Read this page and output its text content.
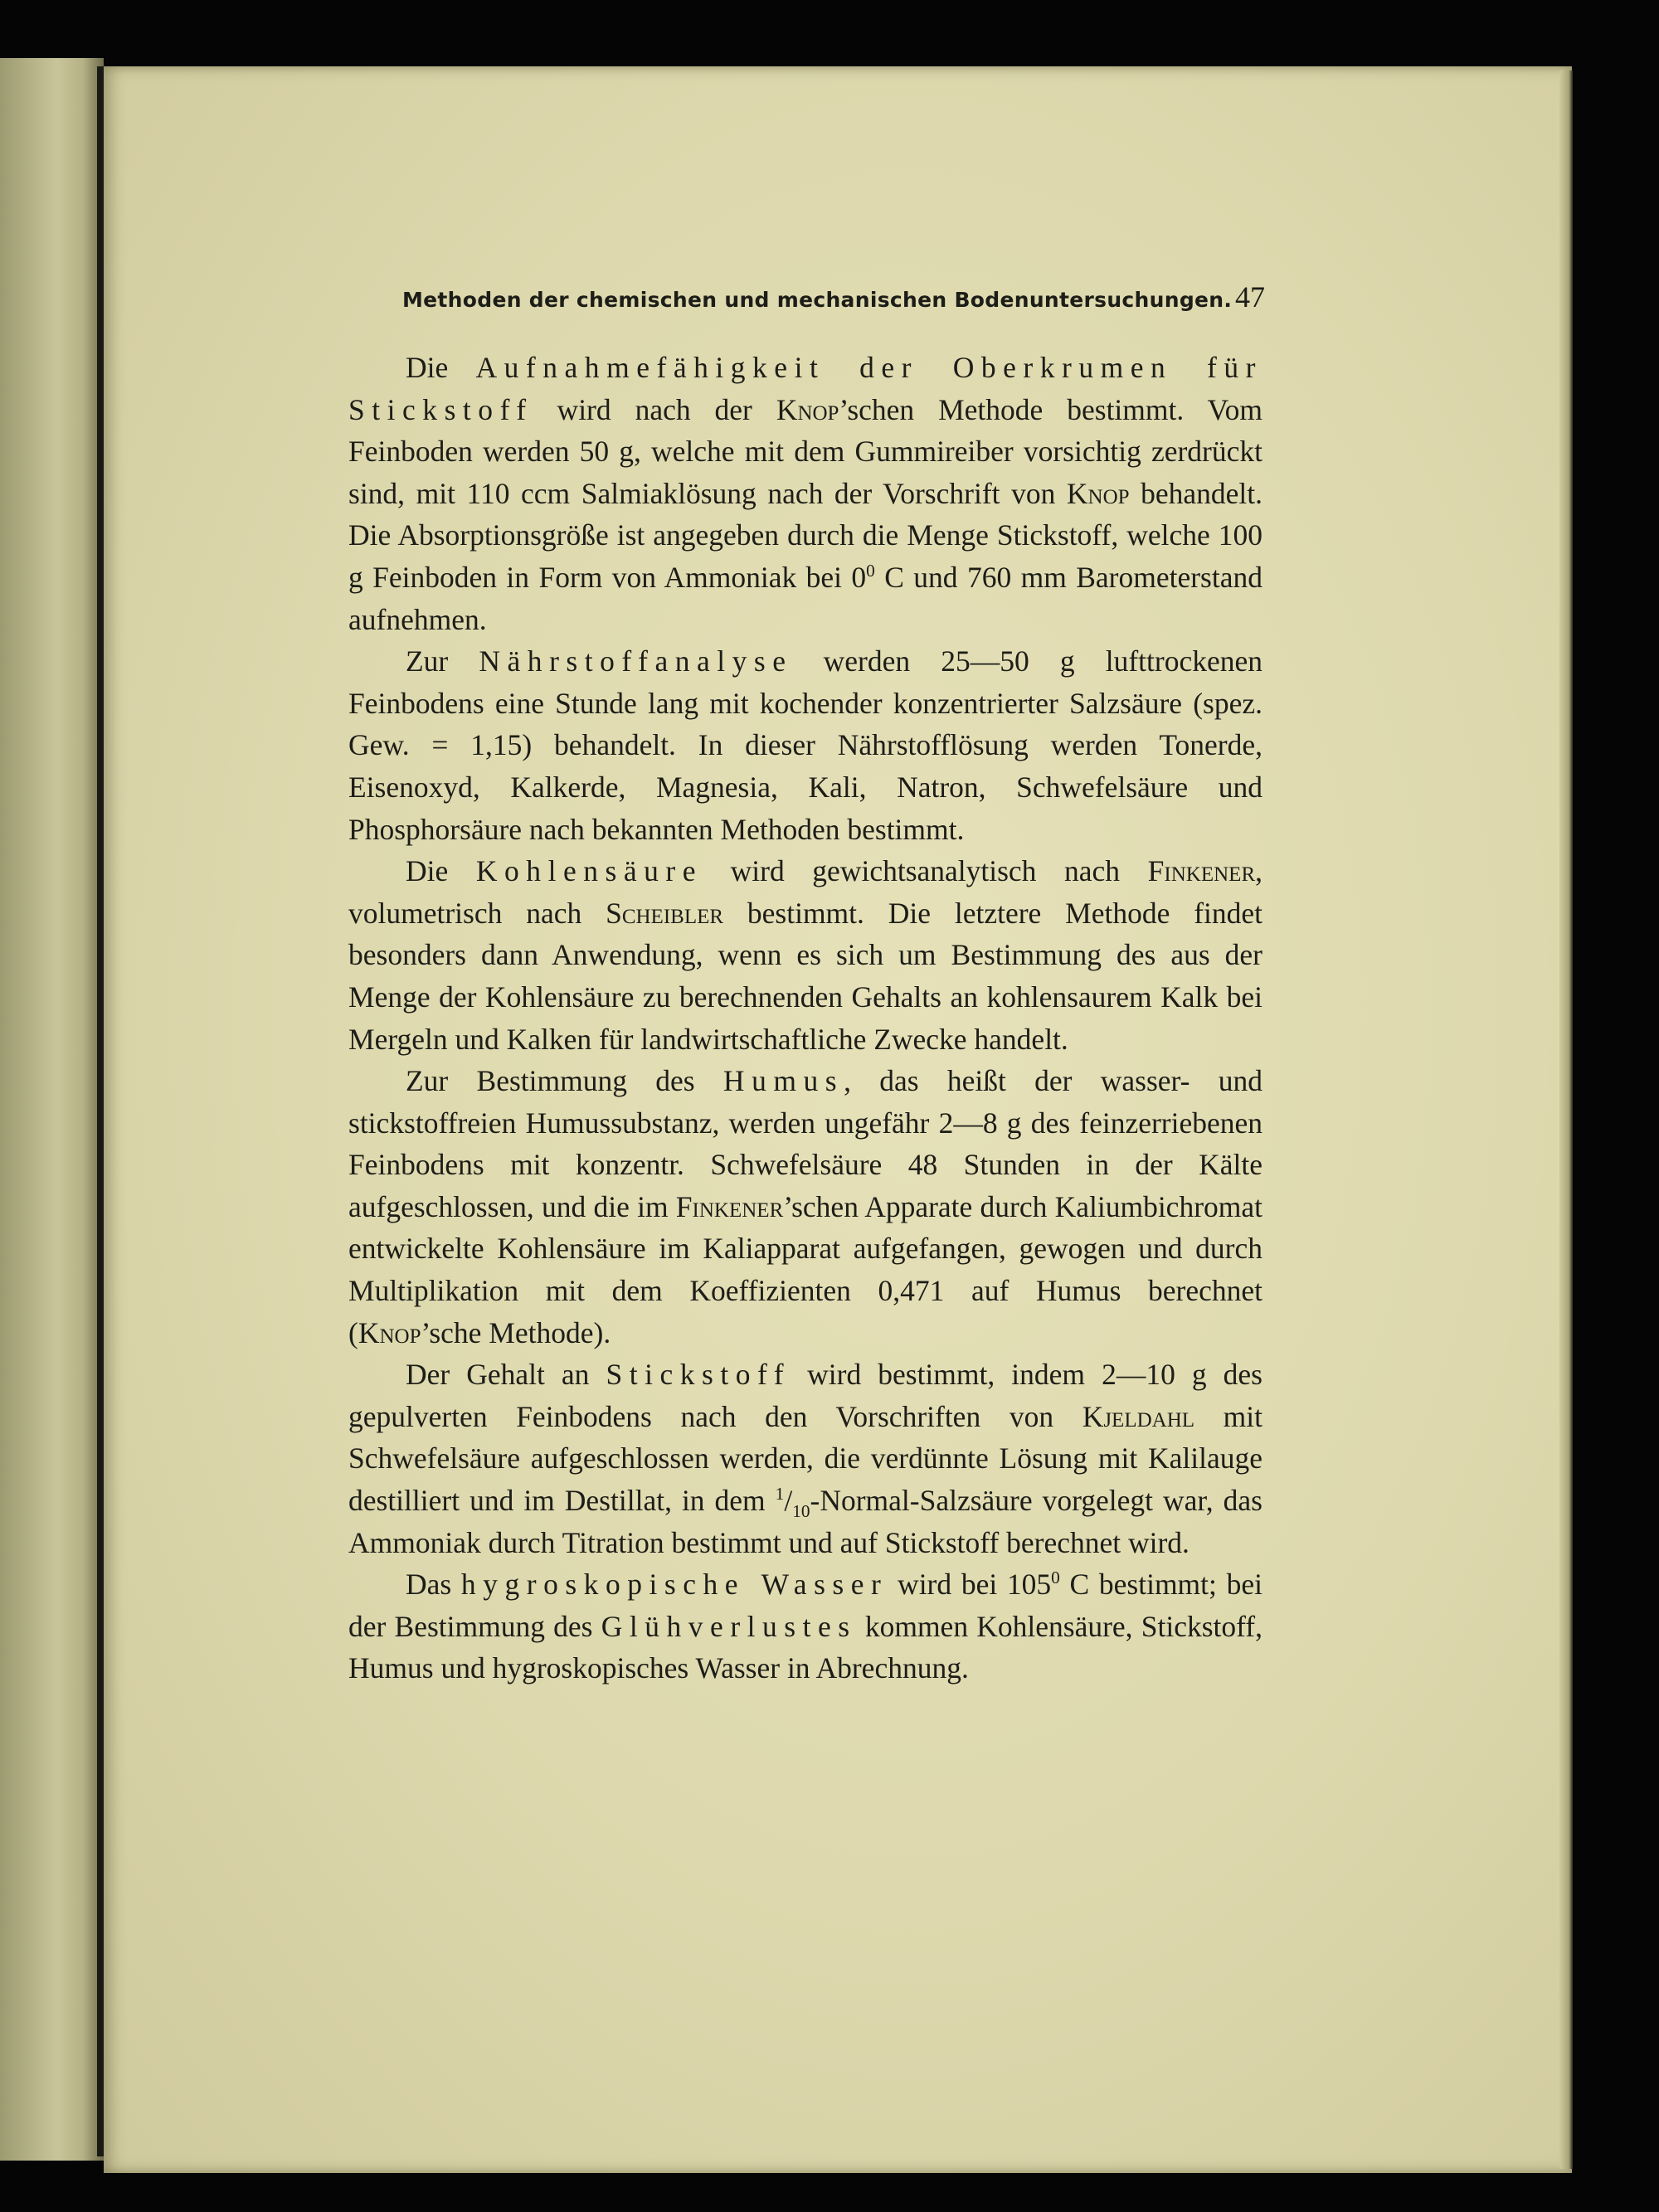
Methoden der chemischen und mechanischen Bodenuntersuchungen. 47

Die Aufnahmefähigkeit der Oberkrumen für Stickstoff wird nach der Knop’schen Methode bestimmt. Vom Feinboden werden 50 g, welche mit dem Gummireiber vorsichtig zerdrückt sind, mit 110 ccm Salmiaklösung nach der Vorschrift von Knop behandelt. Die Absorptionsgröße ist angegeben durch die Menge Stickstoff, welche 100 g Feinboden in Form von Ammoniak bei $0^0$ C und 760 mm Barometerstand aufnehmen.

Zur Nährstoffanalyse werden 25—50 g lufttrockenen Feinbodens eine Stunde lang mit kochender konzentrierter Salzsäure (spez. Gew. = 1,15) behandelt. In dieser Nährstofflösung werden Tonerde, Eisenoxyd, Kalkerde, Magnesia, Kali, Natron, Schwefelsäure und Phosphorsäure nach bekannten Methoden bestimmt.

Die Kohlensäure wird gewichtsanalytisch nach Finkener, volumetrisch nach Scheibler bestimmt. Die letztere Methode findet besonders dann Anwendung, wenn es sich um Bestimmung des aus der Menge der Kohlensäure zu berechnenden Gehalts an kohlensaurem Kalk bei Mergeln und Kalken für landwirtschaftliche Zwecke handelt.

Zur Bestimmung des Humus, das heißt der wasser- und stickstoffreien Humussubstanz, werden ungefähr 2—8 g des feinzerriebenen Feinbodens mit konzentr. Schwefelsäure 48 Stunden in der Kälte aufgeschlossen, und die im Finkener’schen Apparate durch Kaliumbichromat entwickelte Kohlensäure im Kaliapparat aufgefangen, gewogen und durch Multiplikation mit dem Koeffizienten 0,471 auf Humus berechnet (Knop’sche Methode).

Der Gehalt an Stickstoff wird bestimmt, indem 2—10 g des gepulverten Feinbodens nach den Vorschriften von Kjeldahl mit Schwefelsäure aufgeschlossen werden, die verdünnte Lösung mit Kalilauge destilliert und im Destillat, in dem $^1/_{10}-Normal$-Salzsäure vorgelegt war, das Ammoniak durch Titration bestimmt und auf Stickstoff berechnet wird.

Das hygroskopische Wasser wird bei $105^0$ C bestimmt; bei der Bestimmung des Glühverlustes kommen Kohlensäure, Stickstoff, Humus und hygroskopisches Wasser in Abrechnung.
